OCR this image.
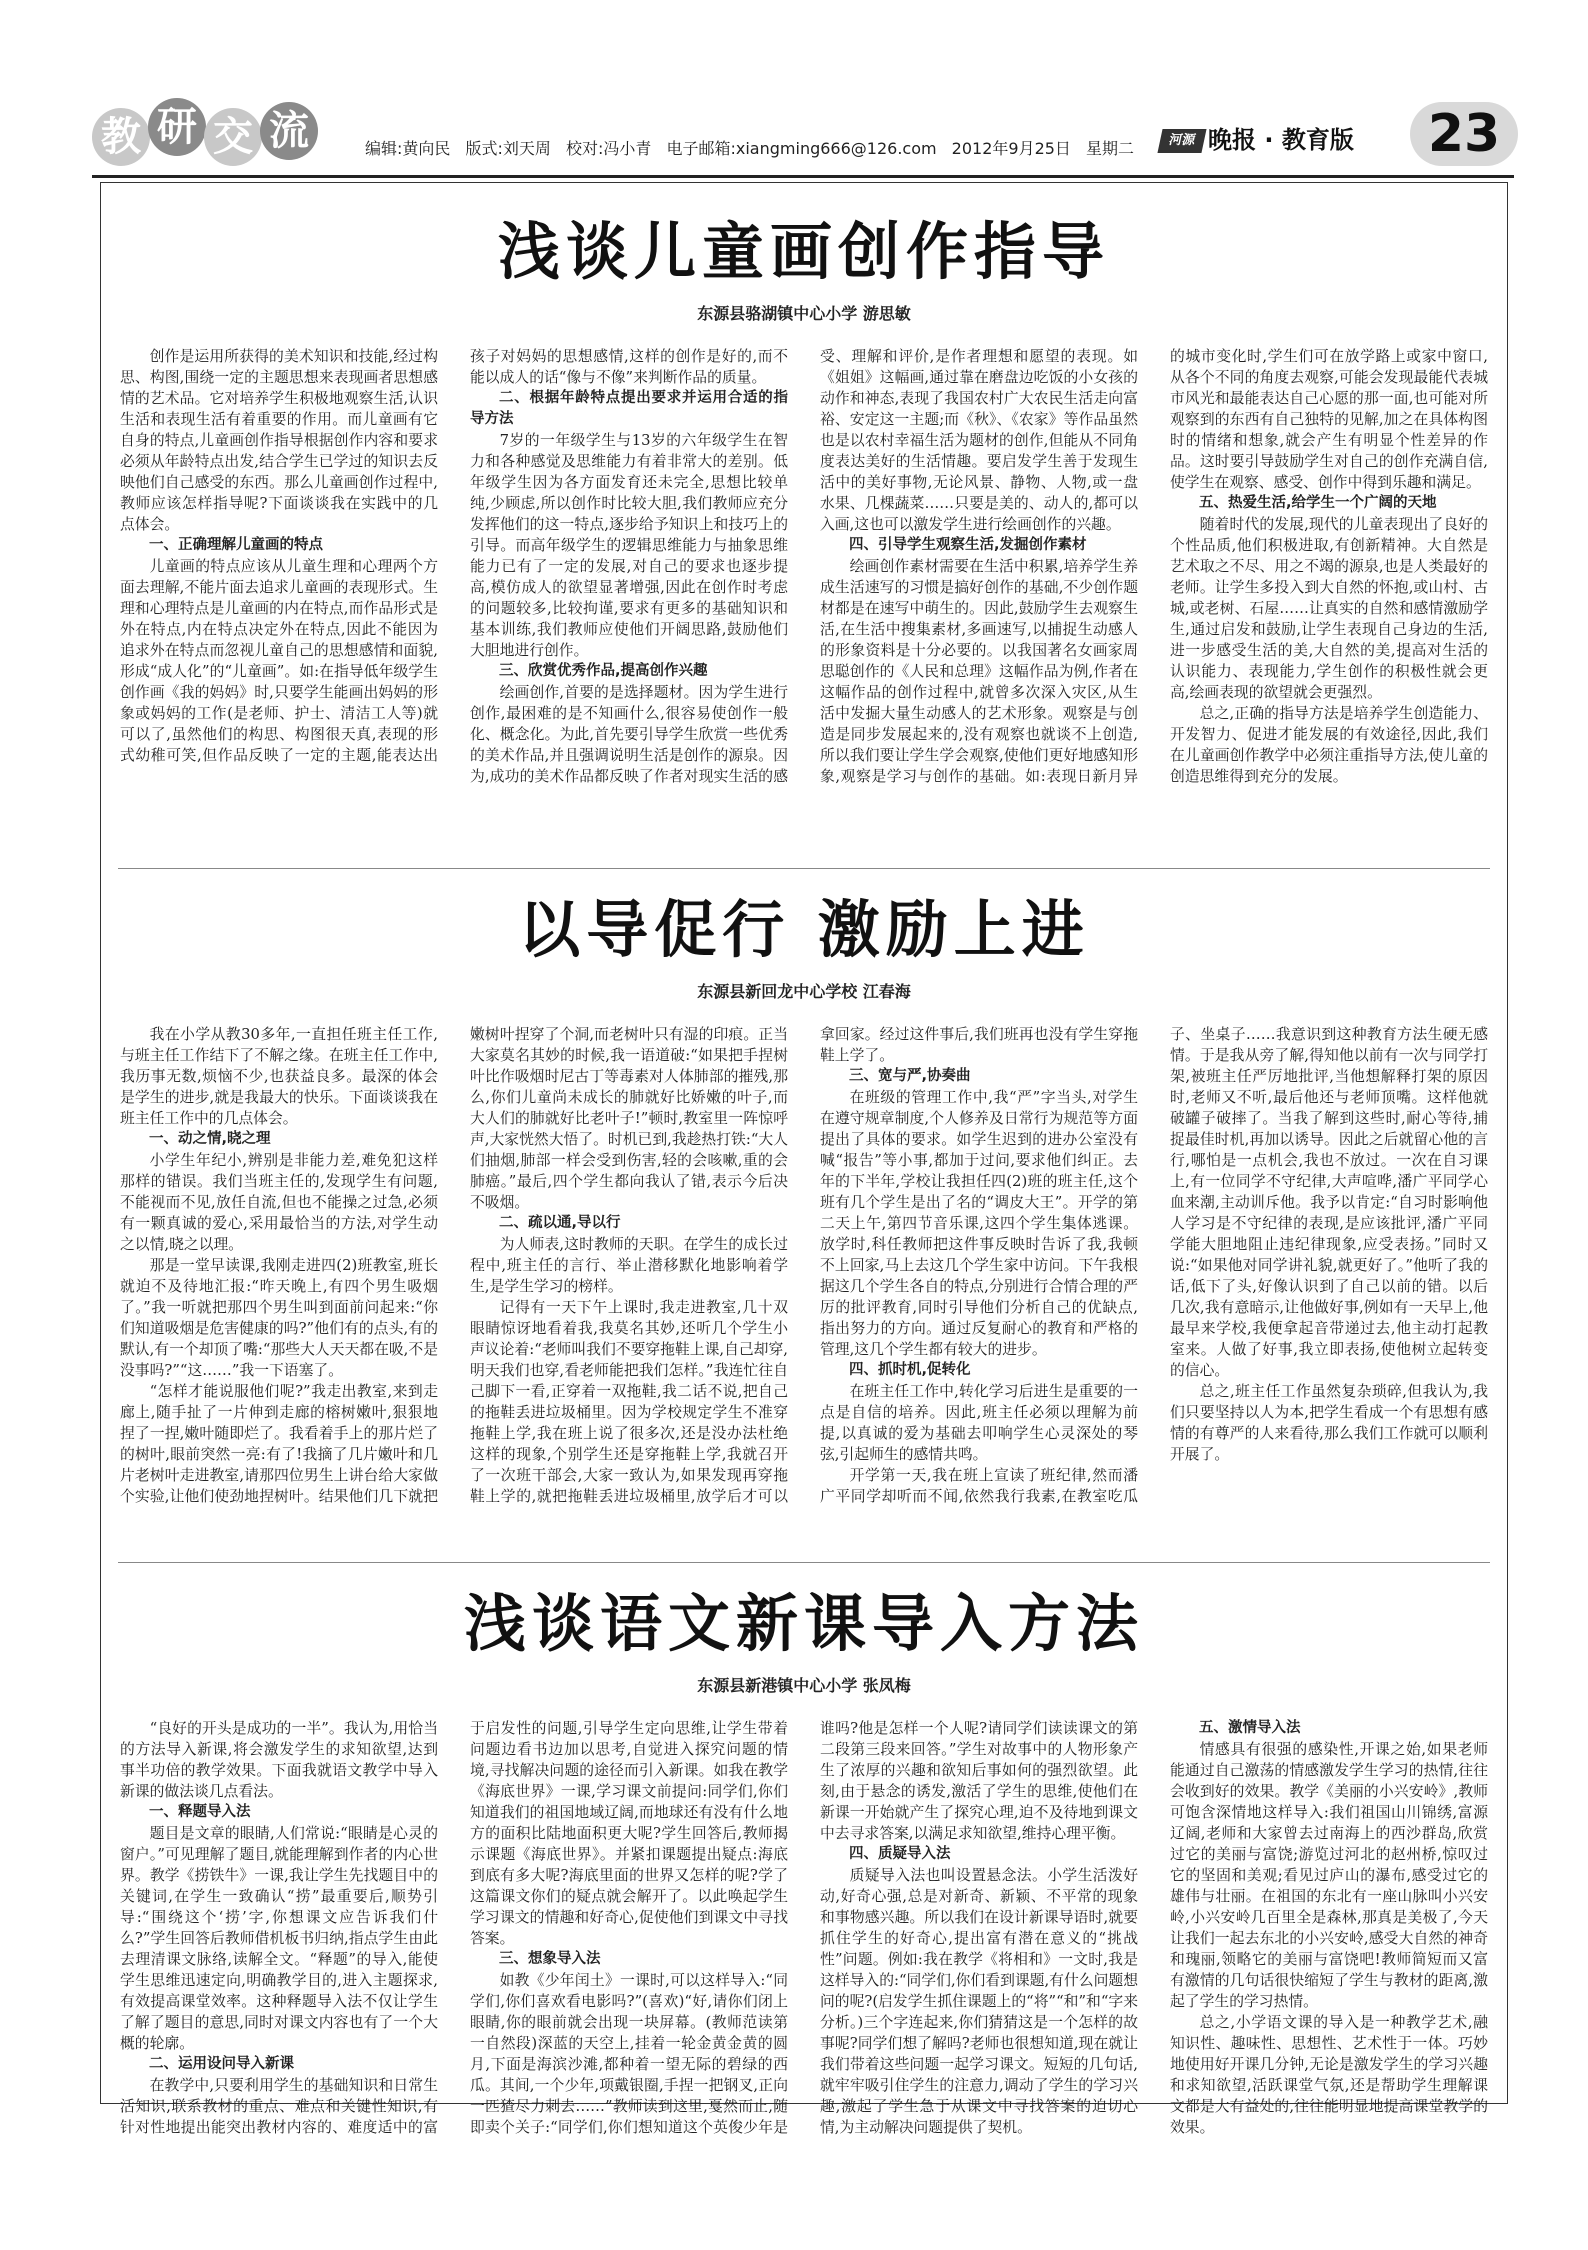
教 研 交 流	编辑:黄向民 版式:刘天周 校对:冯小青 电子邮箱:xiangming666@126.com 2012年9月25日 星期二	河源 晚报 · 教育版	23
浅谈儿童画创作指导
东源县骆湖镇中心小学 游思敏

创作是运用所获得的美术知识和技能,经过构思、构图,围绕一定的主题思想来表现画者思想感情的艺术品。它对培养学生积极地观察生活,认识生活和表现生活有着重要的作用。而儿童画有它自身的特点,儿童画创作指导根据创作内容和要求必须从年龄特点出发,结合学生已学过的知识去反映他们自己感受的东西。那么儿童画创作过程中,教师应该怎样指导呢?下面谈谈我在实践中的几点体会。

一、正确理解儿童画的特点

儿童画的特点应该从儿童生理和心理两个方面去理解,不能片面去追求儿童画的表现形式。生理和心理特点是儿童画的内在特点,而作品形式是外在特点,内在特点决定外在特点,因此不能因为追求外在特点而忽视儿童自己的思想感情和面貌,形成“成人化”的“儿童画”。如:在指导低年级学生创作画《我的妈妈》时,只要学生能画出妈妈的形象或妈妈的工作(是老师、护士、清洁工人等)就可以了,虽然他们的构思、构图很天真,表现的形式幼稚可笑,但作品反映了一定的主题,能表达出孩子对妈妈的思想感情,这样的创作是好的,而不能以成人的话“像与不像”来判断作品的质量。

二、根据年龄特点提出要求并运用合适的指导方法

7岁的一年级学生与13岁的六年级学生在智力和各种感觉及思维能力有着非常大的差别。低年级学生因为各方面发育还未完全,思想比较单纯,少顾虑,所以创作时比较大胆,我们教师应充分发挥他们的这一特点,逐步给予知识上和技巧上的引导。而高年级学生的逻辑思维能力与抽象思维能力已有了一定的发展,对自己的要求也逐步提高,模仿成人的欲望显著增强,因此在创作时考虑的问题较多,比较拘谨,要求有更多的基础知识和基本训练,我们教师应使他们开阔思路,鼓励他们大胆地进行创作。

三、欣赏优秀作品,提高创作兴趣

绘画创作,首要的是选择题材。因为学生进行创作,最困难的是不知画什么,很容易使创作一般化、概念化。为此,首先要引导学生欣赏一些优秀的美术作品,并且强调说明生活是创作的源泉。因为,成功的美术作品都反映了作者对现实生活的感受、理解和评价,是作者理想和愿望的表现。如《姐姐》这幅画,通过靠在磨盘边吃饭的小女孩的动作和神态,表现了我国农村广大农民生活走向富裕、安定这一主题;而《秋》、《农家》等作品虽然也是以农村幸福生活为题材的创作,但能从不同角度表达美好的生活情趣。要启发学生善于发现生活中的美好事物,无论风景、静物、人物,或一盘水果、几棵蔬菜……只要是美的、动人的,都可以入画,这也可以激发学生进行绘画创作的兴趣。

四、引导学生观察生活,发掘创作素材

绘画创作素材需要在生活中积累,培养学生养成生活速写的习惯是搞好创作的基础,不少创作题材都是在速写中萌生的。因此,鼓励学生去观察生活,在生活中搜集素材,多画速写,以捕捉生动感人的形象资料是十分必要的。以我国著名女画家周思聪创作的《人民和总理》这幅作品为例,作者在这幅作品的创作过程中,就曾多次深入灾区,从生活中发掘大量生动感人的艺术形象。观察是与创造是同步发展起来的,没有观察也就谈不上创造,所以我们要让学生学会观察,使他们更好地感知形象,观察是学习与创作的基础。如:表现日新月异的城市变化时,学生们可在放学路上或家中窗口,从各个不同的角度去观察,可能会发现最能代表城市风光和最能表达自己心愿的那一面,也可能对所观察到的东西有自己独特的见解,加之在具体构图时的情绪和想象,就会产生有明显个性差异的作品。这时要引导鼓励学生对自己的创作充满自信,使学生在观察、感受、创作中得到乐趣和满足。

五、热爱生活,给学生一个广阔的天地

随着时代的发展,现代的儿童表现出了良好的个性品质,他们积极进取,有创新精神。大自然是艺术取之不尽、用之不竭的源泉,也是人类最好的老师。让学生多投入到大自然的怀抱,或山村、古城,或老树、石屋……让真实的自然和感情激励学生,通过启发和鼓励,让学生表现自己身边的生活,进一步感受生活的美,大自然的美,提高对生活的认识能力、表现能力,学生创作的积极性就会更高,绘画表现的欲望就会更强烈。

总之,正确的指导方法是培养学生创造能力、开发智力、促进才能发展的有效途径,因此,我们在儿童画创作教学中必须注重指导方法,使儿童的创造思维得到充分的发展。

以导促行 激励上进
东源县新回龙中心学校 江春海

我在小学从教30多年,一直担任班主任工作,与班主任工作结下了不解之缘。在班主任工作中,我历事无数,烦恼不少,也获益良多。最深的体会是学生的进步,就是我最大的快乐。下面谈谈我在班主任工作中的几点体会。

一、动之情,晓之理

小学生年纪小,辨别是非能力差,难免犯这样那样的错误。我们当班主任的,发现学生有问题,不能视而不见,放任自流,但也不能操之过急,必须有一颗真诚的爱心,采用最恰当的方法,对学生动之以情,晓之以理。

那是一堂早读课,我刚走进四(2)班教室,班长就迫不及待地汇报:“昨天晚上,有四个男生吸烟了。”我一听就把那四个男生叫到面前问起来:“你们知道吸烟是危害健康的吗?”他们有的点头,有的默认,有一个却顶了嘴:“那些大人天天都在吸,不是没事吗?”“这……”我一下语塞了。

“怎样才能说服他们呢?”我走出教室,来到走廊上,随手扯了一片伸到走廊的榕树嫩叶,狠狠地捏了一捏,嫩叶随即烂了。我看着手上的那片烂了的树叶,眼前突然一亮:有了!我摘了几片嫩叶和几片老树叶走进教室,请那四位男生上讲台给大家做个实验,让他们使劲地捏树叶。结果他们几下就把嫩树叶捏穿了个洞,而老树叶只有湿的印痕。正当大家莫名其妙的时候,我一语道破:“如果把手捏树叶比作吸烟时尼古丁等毒素对人体肺部的摧残,那么,你们儿童尚未成长的肺就好比娇嫩的叶子,而大人们的肺就好比老叶子!”顿时,教室里一阵惊呼声,大家恍然大悟了。时机已到,我趁热打铁:“大人们抽烟,肺部一样会受到伤害,轻的会咳嗽,重的会肺癌。”最后,四个学生都向我认了错,表示今后决不吸烟。

二、疏以通,导以行

为人师表,这时教师的天职。在学生的成长过程中,班主任的言行、举止潜移默化地影响着学生,是学生学习的榜样。

记得有一天下午上课时,我走进教室,几十双眼睛惊讶地看着我,我莫名其妙,还听几个学生小声议论着:“老师叫我们不要穿拖鞋上课,自己却穿,明天我们也穿,看老师能把我们怎样。”我连忙往自己脚下一看,正穿着一双拖鞋,我二话不说,把自己的拖鞋丢进垃圾桶里。因为学校规定学生不准穿拖鞋上学,我在班上说了很多次,还是没办法杜绝这样的现象,个别学生还是穿拖鞋上学,我就召开了一次班干部会,大家一致认为,如果发现再穿拖鞋上学的,就把拖鞋丢进垃圾桶里,放学后才可以拿回家。经过这件事后,我们班再也没有学生穿拖鞋上学了。

三、宽与严,协奏曲

在班级的管理工作中,我“严”字当头,对学生在遵守规章制度,个人修养及日常行为规范等方面提出了具体的要求。如学生迟到的进办公室没有喊“报告”等小事,都加于过问,要求他们纠正。去年的下半年,学校让我担任四(2)班的班主任,这个班有几个学生是出了名的“调皮大王”。开学的第二天上午,第四节音乐课,这四个学生集体逃课。放学时,科任教师把这件事反映时告诉了我,我顿不上回家,马上去这几个学生家中访问。下午我根据这几个学生各自的特点,分别进行合情合理的严厉的批评教育,同时引导他们分析自己的优缺点,指出努力的方向。通过反复耐心的教育和严格的管理,这几个学生都有较大的进步。

四、抓时机,促转化

在班主任工作中,转化学习后进生是重要的一点是自信的培养。因此,班主任必须以理解为前提,以真诚的爱为基础去叩响学生心灵深处的琴弦,引起师生的感情共鸣。

开学第一天,我在班上宣读了班纪律,然而潘广平同学却听而不闻,依然我行我素,在教室吃瓜子、坐桌子……我意识到这种教育方法生硬无感情。于是我从旁了解,得知他以前有一次与同学打架,被班主任严厉地批评,当他想解释打架的原因时,老师又不听,最后他还与老师顶嘴。这样他就破罐子破摔了。当我了解到这些时,耐心等待,捕捉最佳时机,再加以诱导。因此之后就留心他的言行,哪怕是一点机会,我也不放过。一次在自习课上,有一位同学不守纪律,大声喧哗,潘广平同学心血来潮,主动训斥他。我予以肯定:“自习时影响他人学习是不守纪律的表现,是应该批评,潘广平同学能大胆地阻止违纪律现象,应受表扬。”同时又说:“如果他对同学讲礼貌,就更好了。”他听了我的话,低下了头,好像认识到了自己以前的错。以后几次,我有意暗示,让他做好事,例如有一天早上,他最早来学校,我便拿起音带递过去,他主动打起教室来。人做了好事,我立即表扬,使他树立起转变的信心。

总之,班主任工作虽然复杂琐碎,但我认为,我们只要坚持以人为本,把学生看成一个有思想有感情的有尊严的人来看待,那么我们工作就可以顺利开展了。

浅谈语文新课导入方法
东源县新港镇中心小学 张凤梅

“良好的开头是成功的一半”。我认为,用恰当的方法导入新课,将会激发学生的求知欲望,达到事半功倍的教学效果。下面我就语文教学中导入新课的做法谈几点看法。

一、释题导入法

题目是文章的眼睛,人们常说:“眼睛是心灵的窗户。”可见理解了题目,就能理解到作者的内心世界。教学《捞铁牛》一课,我让学生先找题目中的关键词,在学生一致确认“捞”最重要后,顺势引导:“围绕这个‘捞’字,你想课文应告诉我们什么?”学生回答后教师借机板书归纳,指点学生由此去理清课文脉络,读解全文。“释题”的导入,能使学生思维迅速定向,明确教学目的,进入主题探求,有效提高课堂效率。这种释题导入法不仅让学生了解了题目的意思,同时对课文内容也有了一个大概的轮廓。

二、运用设问导入新课

在教学中,只要利用学生的基础知识和日常生活知识,联系教材的重点、难点和关键性知识,有针对性地提出能突出教材内容的、难度适中的富于启发性的问题,引导学生定向思维,让学生带着问题边看书边加以思考,自觉进入探究问题的情境,寻找解决问题的途径而引入新课。如我在教学《海底世界》一课,学习课文前提问:同学们,你们知道我们的祖国地域辽阔,而地球还有没有什么地方的面积比陆地面积更大呢?学生回答后,教师揭示课题《海底世界》。并紧扣课题提出疑点:海底到底有多大呢?海底里面的世界又怎样的呢?学了这篇课文你们的疑点就会解开了。以此唤起学生学习课文的情趣和好奇心,促使他们到课文中寻找答案。

三、想象导入法

如教《少年闰土》一课时,可以这样导入:“同学们,你们喜欢看电影吗?”(喜欢)“好,请你们闭上眼睛,你的眼前就会出现一块屏幕。(教师范读第一自然段)深蓝的天空上,挂着一轮金黄金黄的圆月,下面是海滨沙滩,都种着一望无际的碧绿的西瓜。其间,一个少年,项戴银圈,手捏一把钢叉,正向一匹猹尽力刺去……”教师读到这里,戛然而止,随即卖个关子:“同学们,你们想知道这个英俊少年是谁吗?他是怎样一个人呢?请同学们读读课文的第二段第三段来回答。”学生对故事中的人物形象产生了浓厚的兴趣和欲知后事如何的强烈欲望。此刻,由于悬念的诱发,激活了学生的思维,使他们在新课一开始就产生了探究心理,迫不及待地到课文中去寻求答案,以满足求知欲望,维持心理平衡。

四、质疑导入法

质疑导入法也叫设置悬念法。小学生活泼好动,好奇心强,总是对新奇、新颖、不平常的现象和事物感兴趣。所以我们在设计新课导语时,就要抓住学生的好奇心,提出富有潜在意义的“挑战性”问题。例如:我在教学《将相和》一文时,我是这样导入的:“同学们,你们看到课题,有什么问题想问的呢?(启发学生抓住课题上的“将”“和”和“字来分析。)三个字连起来,你们猜猜这是一个怎样的故事呢?同学们想了解吗?老师也很想知道,现在就让我们带着这些问题一起学习课文。短短的几句话,就牢牢吸引住学生的注意力,调动了学生的学习兴趣,激起了学生急于从课文中寻找答案的迫切心情,为主动解决问题提供了契机。

五、激情导入法

情感具有很强的感染性,开课之始,如果老师能通过自己激荡的情感激发学生学习的热情,往往会收到好的效果。教学《美丽的小兴安岭》,教师可饱含深情地这样导入:我们祖国山川锦绣,富源辽阔,老师和大家曾去过南海上的西沙群岛,欣赏过它的美丽与富饶;游览过河北的赵州桥,惊叹过它的坚固和美观;看见过庐山的瀑布,感受过它的雄伟与壮丽。在祖国的东北有一座山脉叫小兴安岭,小兴安岭几百里全是森林,那真是美极了,今天让我们一起去东北的小兴安岭,感受大自然的神奇和瑰丽,领略它的美丽与富饶吧!教师简短而又富有激情的几句话很快缩短了学生与教材的距离,激起了学生的学习热情。

总之,小学语文课的导入是一种教学艺术,融知识性、趣味性、思想性、艺术性于一体。巧妙地使用好开课几分钟,无论是激发学生的学习兴趣和求知欲望,活跃课堂气氛,还是帮助学生理解课文都是大有益处的,往往能明显地提高课堂教学的效果。
